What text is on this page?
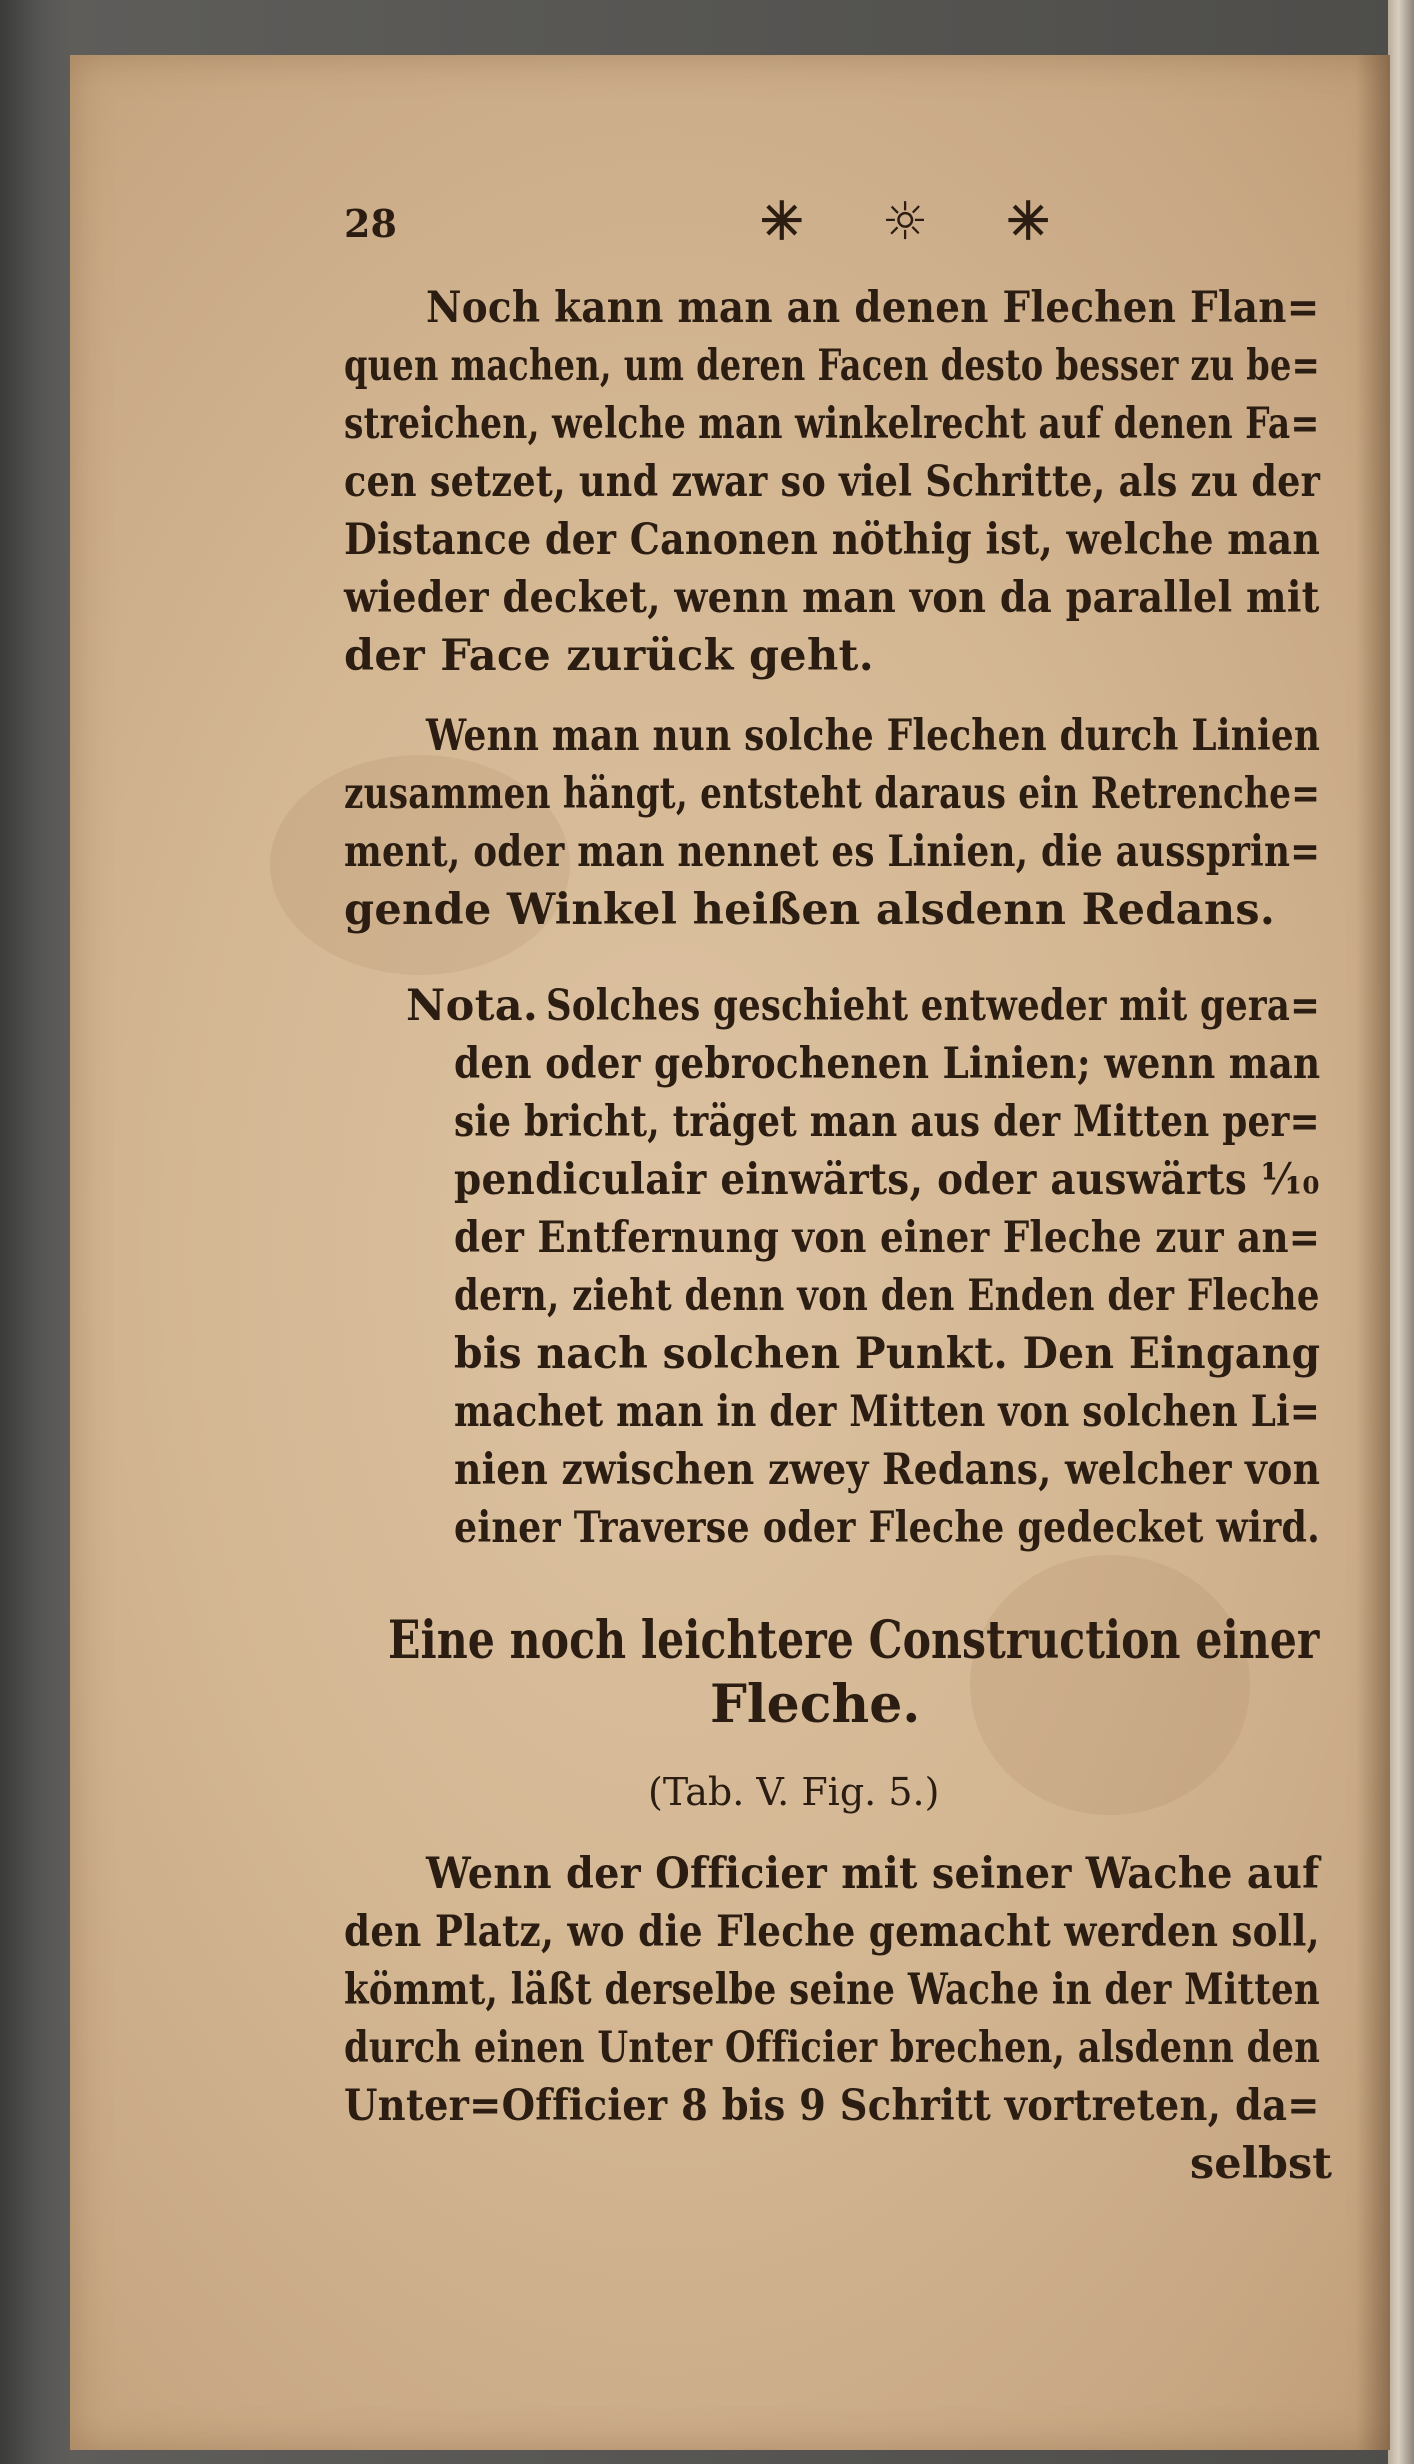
28	✳ ☼ ✳
Noch kann man an denen Flechen Flan=
quen machen, um deren Facen desto besser zu be=
streichen, welche man winkelrecht auf denen Fa=
cen setzet, und zwar so viel Schritte, als zu der
Distance der Canonen nöthig ist, welche man
wieder decket, wenn man von da parallel mit
der Face zurück geht.
Wenn man nun solche Flechen durch Linien
zusammen hängt, entsteht daraus ein Retrenche=
ment, oder man nennet es Linien, die aussprin=
gende Winkel heißen alsdenn Redans.
Nota. Solches geschieht entweder mit gera=
den oder gebrochenen Linien; wenn man
sie bricht, träget man aus der Mitten per=
pendiculair einwärts, oder auswärts ¹⁄₁₀
der Entfernung von einer Fleche zur an=
dern, zieht denn von den Enden der Fleche
bis nach solchen Punkt. Den Eingang
machet man in der Mitten von solchen Li=
nien zwischen zwey Redans, welcher von
einer Traverse oder Fleche gedecket wird.
Eine noch leichtere Construction einer
Fleche.
(Tab. V. Fig. 5.)
Wenn der Officier mit seiner Wache auf
den Platz, wo die Fleche gemacht werden soll,
kömmt, läßt derselbe seine Wache in der Mitten
durch einen Unter Officier brechen, alsdenn den
Unter=Officier 8 bis 9 Schritt vortreten, da=
selbst
